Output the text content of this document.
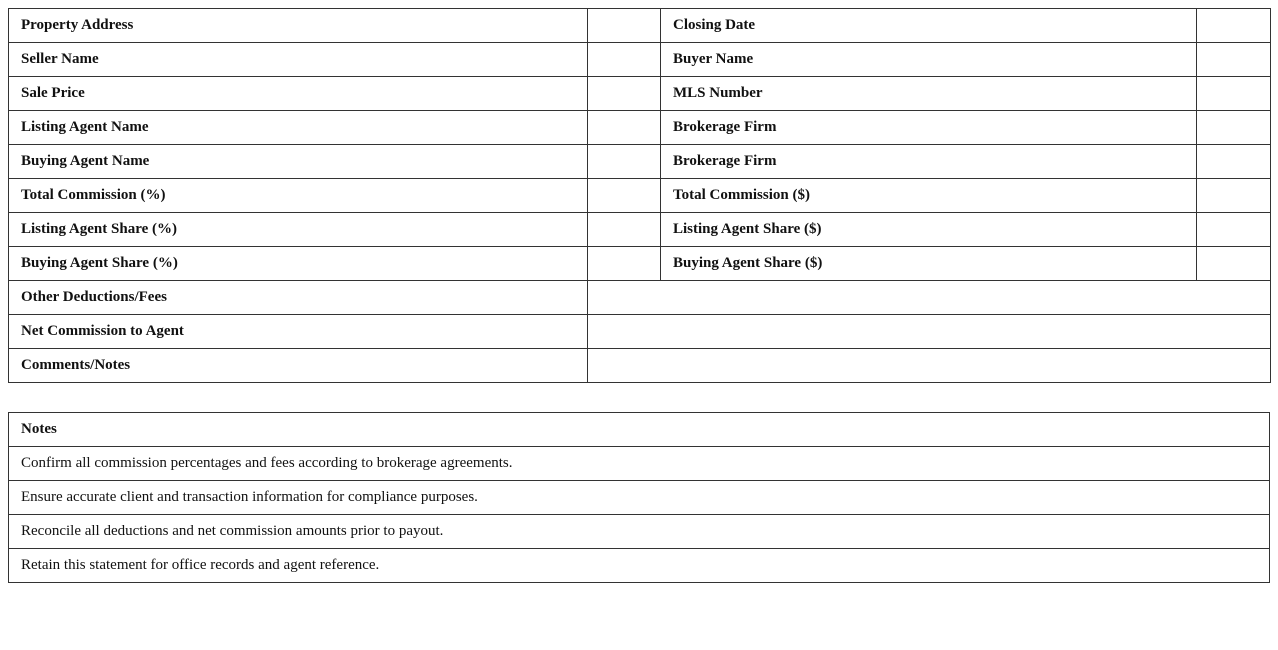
Property Address		Closing Date	
Seller Name		Buyer Name	
Sale Price		MLS Number	
Listing Agent Name		Brokerage Firm	
Buying Agent Name		Brokerage Firm	
Total Commission (%)		Total Commission ($)	
Listing Agent Share (%)		Listing Agent Share ($)	
Buying Agent Share (%)		Buying Agent Share ($)	
Other Deductions/Fees			
Net Commission to Agent			
Comments/Notes			
Notes
Confirm all commission percentages and fees according to brokerage agreements.
Ensure accurate client and transaction information for compliance purposes.
Reconcile all deductions and net commission amounts prior to payout.
Retain this statement for office records and agent reference.
